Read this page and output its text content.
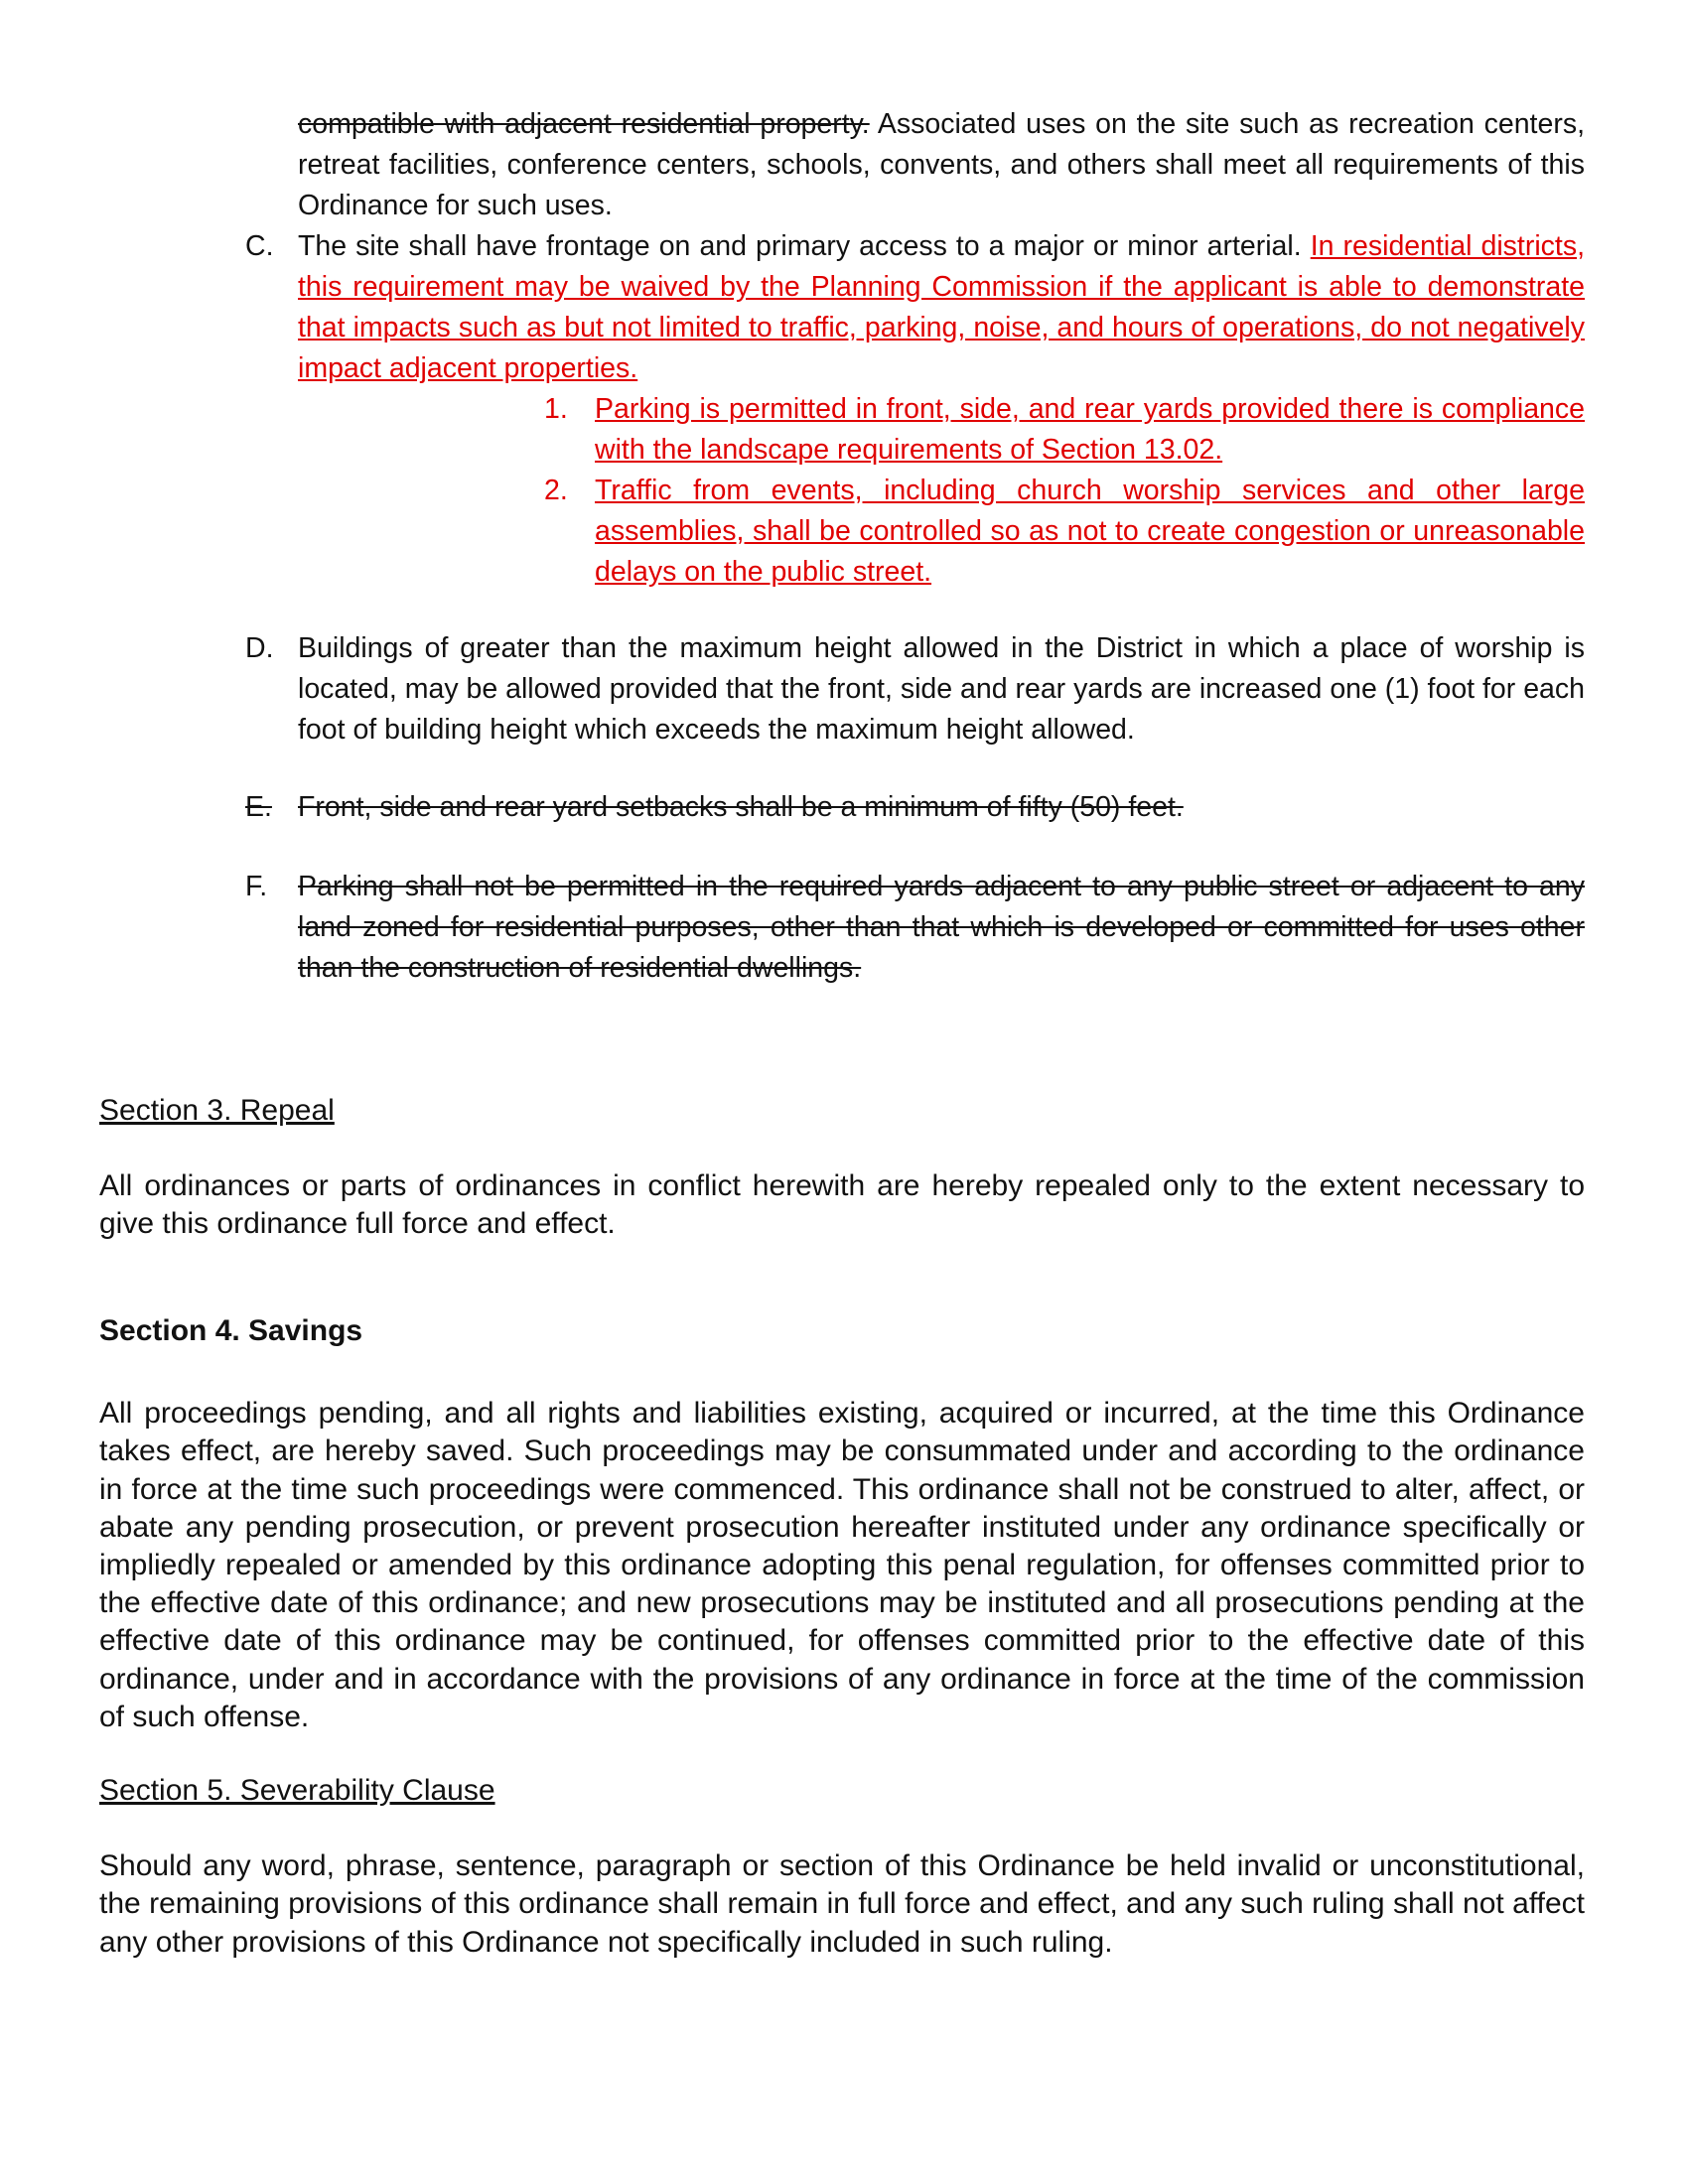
compatible with adjacent residential property. Associated uses on the site such as recreation centers, retreat facilities, conference centers, schools, convents, and others shall meet all requirements of this Ordinance for such uses.
C. The site shall have frontage on and primary access to a major or minor arterial. In residential districts, this requirement may be waived by the Planning Commission if the applicant is able to demonstrate that impacts such as but not limited to traffic, parking, noise, and hours of operations, do not negatively impact adjacent properties.
1. Parking is permitted in front, side, and rear yards provided there is compliance with the landscape requirements of Section 13.02.
2. Traffic from events, including church worship services and other large assemblies, shall be controlled so as not to create congestion or unreasonable delays on the public street.
D. Buildings of greater than the maximum height allowed in the District in which a place of worship is located, may be allowed provided that the front, side and rear yards are increased one (1) foot for each foot of building height which exceeds the maximum height allowed.
E. Front, side and rear yard setbacks shall be a minimum of fifty (50) feet.
F. Parking shall not be permitted in the required yards adjacent to any public street or adjacent to any land zoned for residential purposes, other than that which is developed or committed for uses other than the construction of residential dwellings.
Section 3. Repeal

All ordinances or parts of ordinances in conflict herewith are hereby repealed only to the extent necessary to give this ordinance full force and effect.

Section 4. Savings

All proceedings pending, and all rights and liabilities existing, acquired or incurred, at the time this Ordinance takes effect, are hereby saved. Such proceedings may be consummated under and according to the ordinance in force at the time such proceedings were commenced. This ordinance shall not be construed to alter, affect, or abate any pending prosecution, or prevent prosecution hereafter instituted under any ordinance specifically or impliedly repealed or amended by this ordinance adopting this penal regulation, for offenses committed prior to the effective date of this ordinance; and new prosecutions may be instituted and all prosecutions pending at the effective date of this ordinance may be continued, for offenses committed prior to the effective date of this ordinance, under and in accordance with the provisions of any ordinance in force at the time of the commission of such offense.

Section 5. Severability Clause

Should any word, phrase, sentence, paragraph or section of this Ordinance be held invalid or unconstitutional, the remaining provisions of this ordinance shall remain in full force and effect, and any such ruling shall not affect any other provisions of this Ordinance not specifically included in such ruling.
